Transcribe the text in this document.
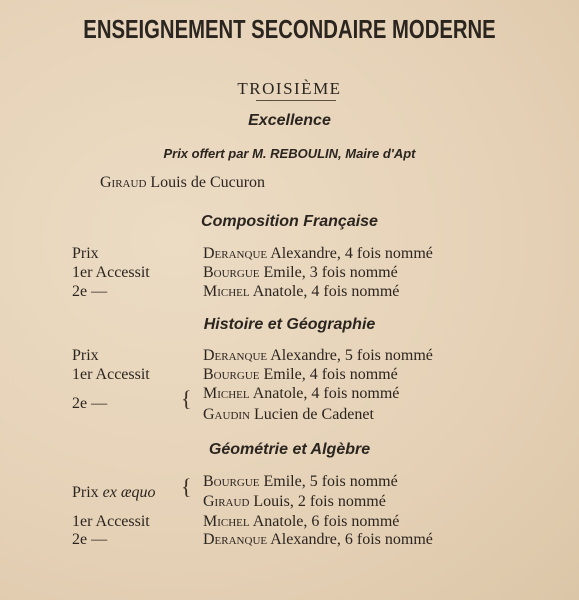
ENSEIGNEMENT SECONDAIRE MODERNE
TROISIÈME
Excellence
Prix offert par M. REBOULIN, Maire d'Apt
Giraud Louis de Cucuron
Composition Française
Prix	Deranque Alexandre, 4 fois nommé
1er Accessit	Bourgue Emile, 3 fois nommé
2e —	Michel Anatole, 4 fois nommé
Histoire et Géographie
Prix	Deranque Alexandre, 5 fois nommé
1er Accessit	Bourgue Emile, 4 fois nommé
2e —	{ Michel Anatole, 4 fois nommé
Gaudin Lucien de Cadenet
Géométrie et Algèbre
Prix ex æquo { Bourgue Emile, 5 fois nommé
Giraud Louis, 2 fois nommé
1er Accessit	Michel Anatole, 6 fois nommé
2e —	Deranque Alexandre, 6 fois nommé
